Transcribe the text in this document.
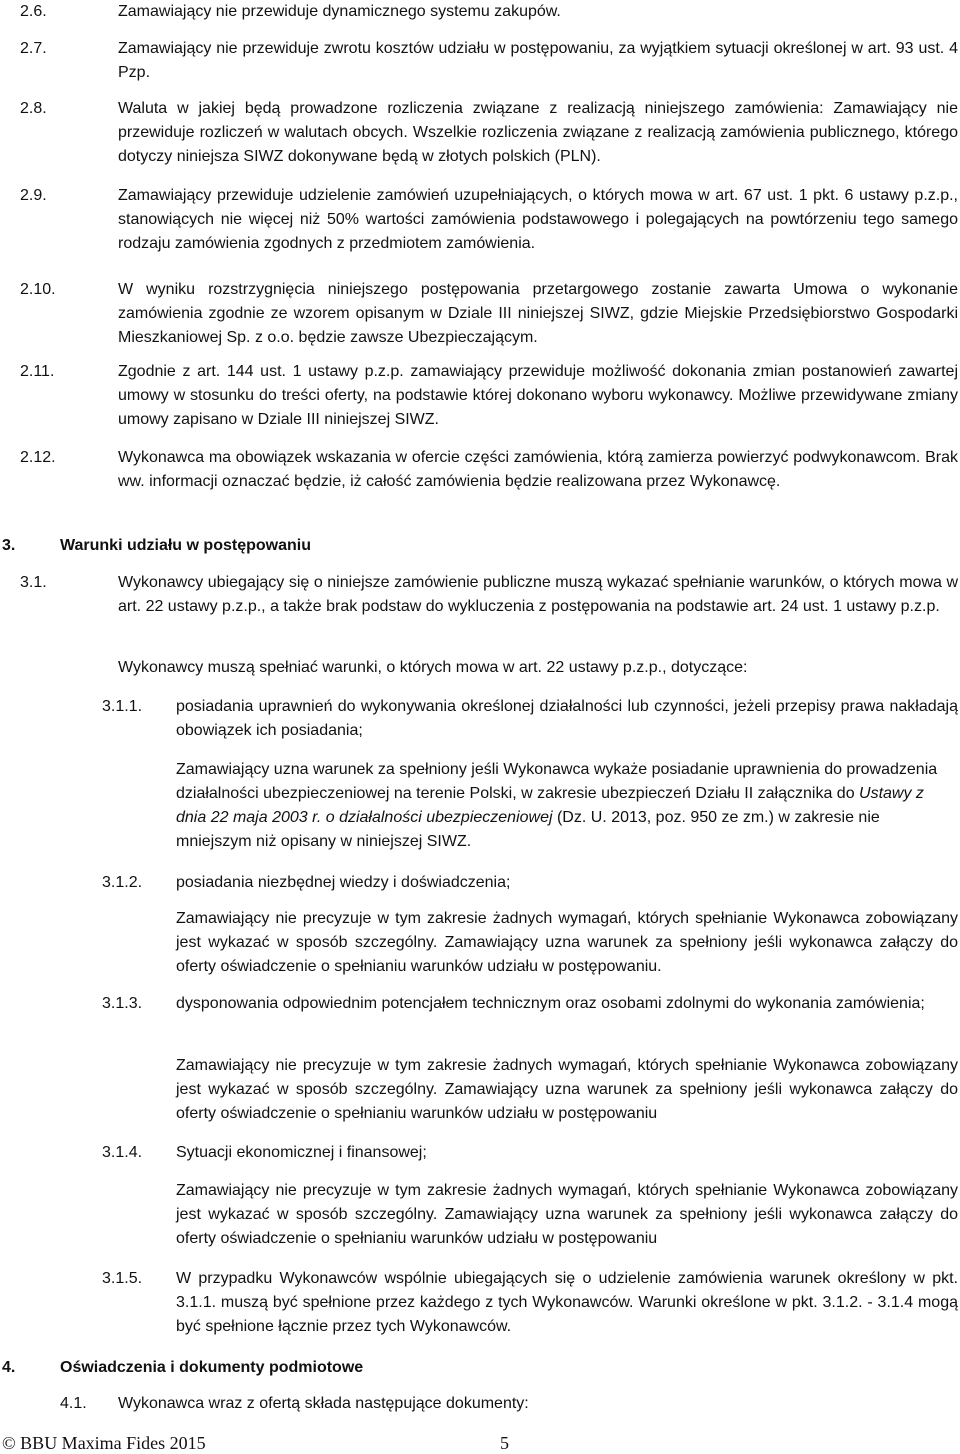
2.6.	Zamawiający nie przewiduje dynamicznego systemu zakupów.
2.7.	Zamawiający nie przewiduje zwrotu kosztów udziału w postępowaniu, za wyjątkiem sytuacji określonej w art. 93 ust. 4 Pzp.
2.8.	Waluta w jakiej będą prowadzone rozliczenia związane z realizacją niniejszego zamówienia: Zamawiający nie przewiduje rozliczeń w walutach obcych. Wszelkie rozliczenia związane z realizacją zamówienia publicznego, którego dotyczy niniejsza SIWZ dokonywane będą w złotych polskich (PLN).
2.9.	Zamawiający przewiduje udzielenie zamówień uzupełniających, o których mowa w art. 67 ust. 1 pkt. 6 ustawy p.z.p., stanowiących nie więcej niż 50% wartości zamówienia podstawowego i polegających na powtórzeniu tego samego rodzaju zamówienia zgodnych z przedmiotem zamówienia.
2.10.	W wyniku rozstrzygnięcia niniejszego postępowania przetargowego zostanie zawarta Umowa o wykonanie zamówienia zgodnie ze wzorem opisanym w Dziale III niniejszej SIWZ, gdzie Miejskie Przedsiębiorstwo Gospodarki Mieszkaniowej Sp. z o.o. będzie zawsze Ubezpieczającym.
2.11.	Zgodnie z art. 144 ust. 1 ustawy p.z.p. zamawiający przewiduje możliwość dokonania zmian postanowień zawartej umowy w stosunku do treści oferty, na podstawie której dokonano wyboru wykonawcy. Możliwe przewidywane zmiany umowy zapisano w Dziale III niniejszej SIWZ.
2.12.	Wykonawca ma obowiązek wskazania w ofercie części zamówienia, którą zamierza powierzyć podwykonawcom. Brak ww. informacji oznaczać będzie, iż całość zamówienia będzie realizowana przez Wykonawcę.
3.	Warunki udziału w postępowaniu
3.1.	Wykonawcy ubiegający się o niniejsze zamówienie publiczne muszą wykazać spełnianie warunków, o których mowa w art. 22 ustawy p.z.p., a także brak podstaw do wykluczenia z postępowania na podstawie art. 24 ust. 1 ustawy p.z.p.
Wykonawcy muszą spełniać warunki, o których mowa w art. 22 ustawy p.z.p., dotyczące:
3.1.1. posiadania uprawnień do wykonywania określonej działalności lub czynności, jeżeli przepisy prawa nakładają obowiązek ich posiadania;
Zamawiający uzna warunek za spełniony jeśli Wykonawca wykaże posiadanie uprawnienia do prowadzenia działalności ubezpieczeniowej na terenie Polski, w zakresie ubezpieczeń Działu II załącznika do Ustawy z dnia 22 maja 2003 r. o działalności ubezpieczeniowej (Dz. U. 2013, poz. 950 ze zm.) w zakresie nie mniejszym niż opisany w niniejszej SIWZ.
3.1.2. posiadania niezbędnej wiedzy i doświadczenia;
Zamawiający nie precyzuje w tym zakresie żadnych wymagań, których spełnianie Wykonawca zobowiązany jest wykazać w sposób szczególny. Zamawiający uzna warunek za spełniony jeśli wykonawca załączy do oferty oświadczenie o spełnianiu warunków udziału w postępowaniu.
3.1.3. dysponowania odpowiednim potencjałem technicznym oraz osobami zdolnymi do wykonania zamówienia;
Zamawiający nie precyzuje w tym zakresie żadnych wymagań, których spełnianie Wykonawca zobowiązany jest wykazać w sposób szczególny. Zamawiający uzna warunek za spełniony jeśli wykonawca załączy do oferty oświadczenie o spełnianiu warunków udziału w postępowaniu
3.1.4. Sytuacji ekonomicznej i finansowej;
Zamawiający nie precyzuje w tym zakresie żadnych wymagań, których spełnianie Wykonawca zobowiązany jest wykazać w sposób szczególny. Zamawiający uzna warunek za spełniony jeśli wykonawca załączy do oferty oświadczenie o spełnianiu warunków udziału w postępowaniu
3.1.5. W przypadku Wykonawców wspólnie ubiegających się o udzielenie zamówienia warunek określony w pkt. 3.1.1. muszą być spełnione przez każdego z tych Wykonawców. Warunki określone w pkt. 3.1.2. - 3.1.4 mogą być spełnione łącznie przez tych Wykonawców.
4.	Oświadczenia i dokumenty podmiotowe
4.1. Wykonawca wraz z ofertą składa następujące dokumenty:
© BBU Maxima Fides 2015	5
